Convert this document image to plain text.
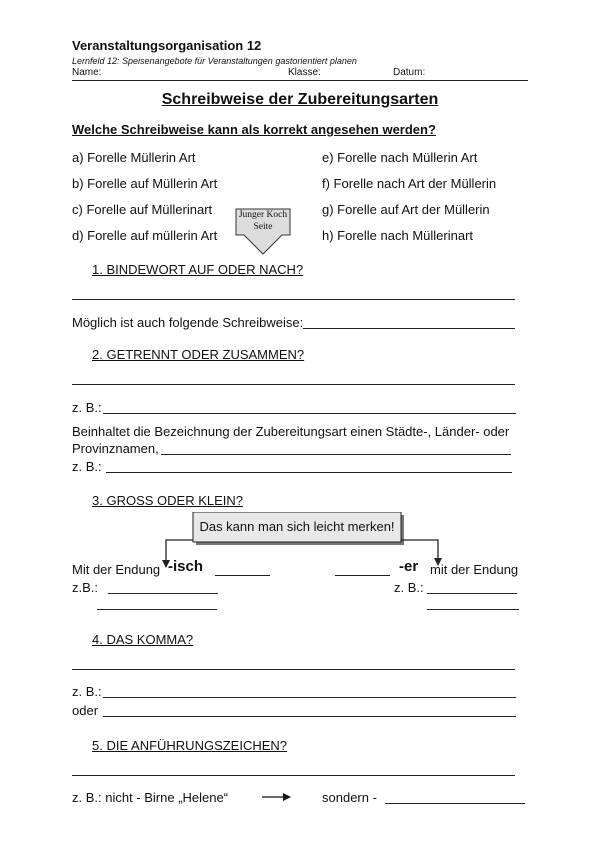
Veranstaltungsorganisation 12
Lernfeld 12: Speisenangebote für Veranstaltungen gastorientiert planen
Name:	Klasse:	Datum:
Schreibweise der Zubereitungsarten
Welche Schreibweise kann als korrekt angesehen werden?
a) Forelle Müllerin Art
b) Forelle auf Müllerin Art
c) Forelle auf Müllerinart
d) Forelle auf müllerin Art
e) Forelle nach Müllerin Art
f) Forelle nach Art der Müllerin
g) Forelle auf Art der Müllerin
h) Forelle nach Müllerinart
Junger Koch
Seite
1. BINDEWORT AUF ODER NACH?
Möglich ist auch folgende Schreibweise:
2. GETRENNT ODER ZUSAMMEN?
z. B.:
Beinhaltet die Bezeichnung der Zubereitungsart einen Städte-, Länder- oder
Provinznamen,
z. B.:
3. GROSS ODER KLEIN?
Das kann man sich leicht merken!
Mit der Endung -isch	-er mit der Endung
z.B.:	z. B.:
4. DAS KOMMA?
z. B.:
oder
5. DIE ANFÜHRUNGSZEICHEN?
z. B.: nicht - Birne „Helene“	sondern -
